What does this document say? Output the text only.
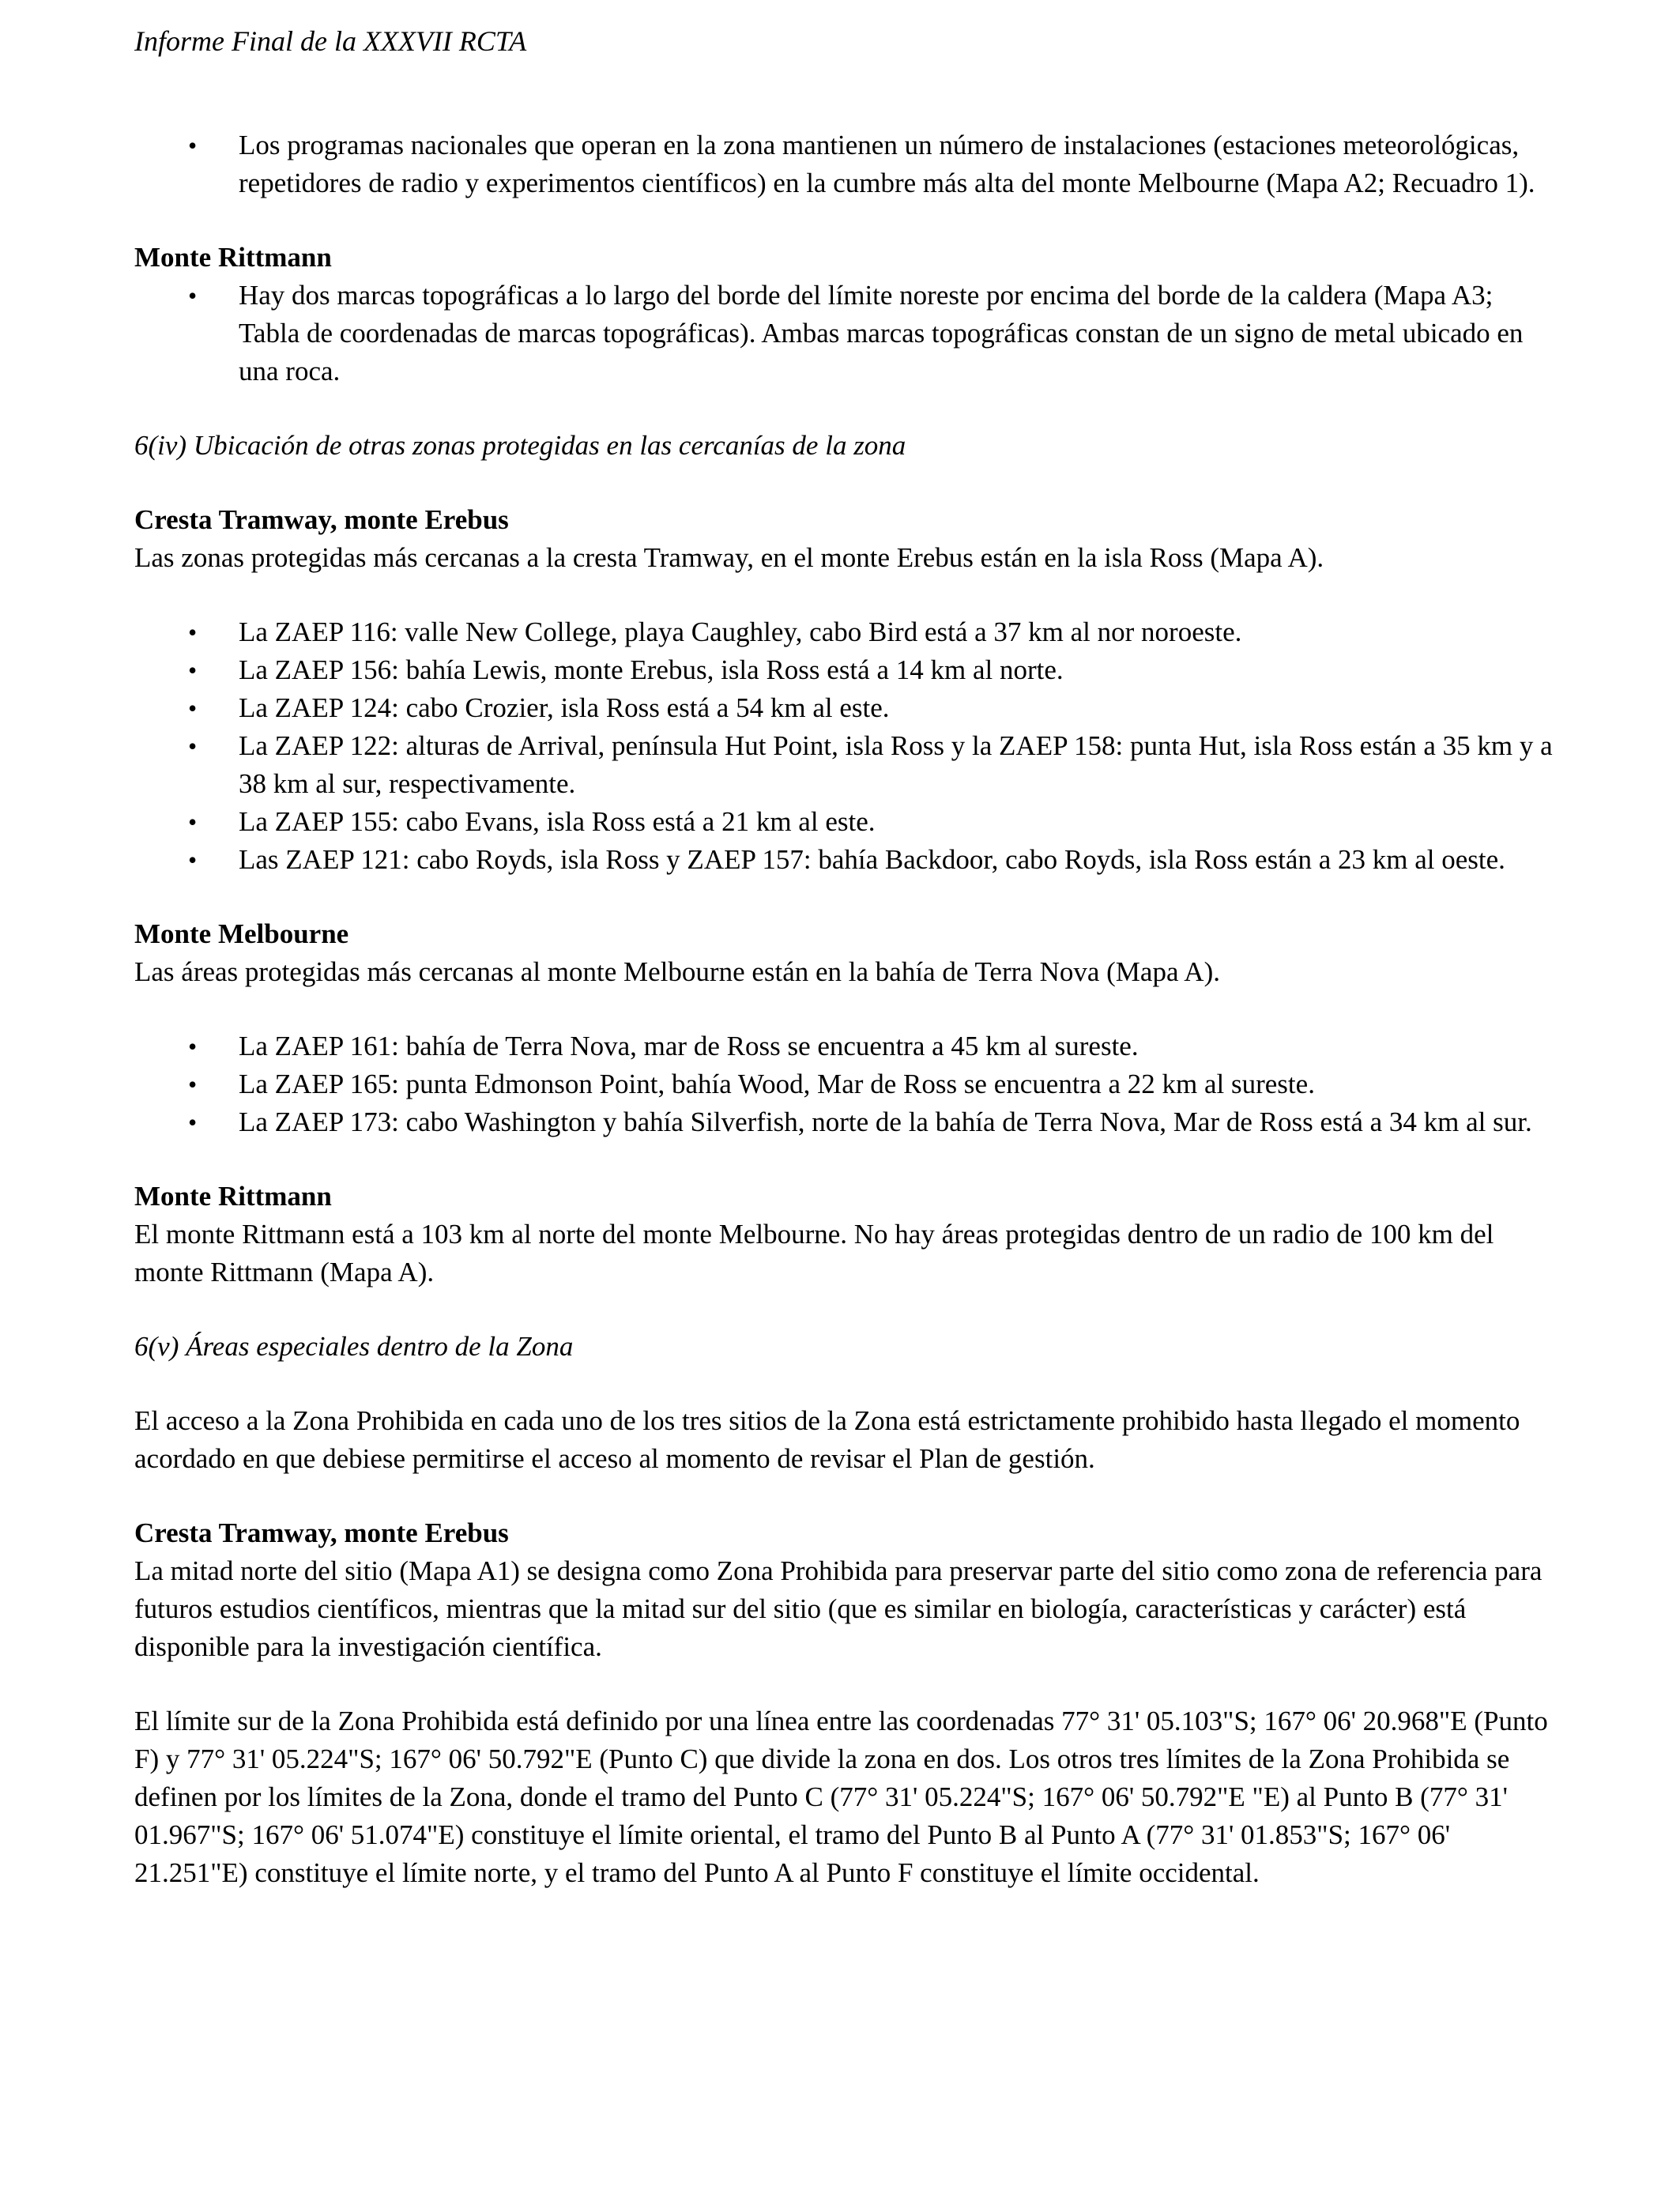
Informe Final de la XXXVII RCTA
• Los programas nacionales que operan en la zona mantienen un número de instalaciones (estaciones meteorológicas, repetidores de radio y experimentos científicos) en la cumbre más alta del monte Melbourne (Mapa A2; Recuadro 1).

Monte Rittmann

• Hay dos marcas topográficas a lo largo del borde del límite noreste por encima del borde de la caldera (Mapa A3; Tabla de coordenadas de marcas topográficas). Ambas marcas topográficas constan de un signo de metal ubicado en una roca.

6(iv) Ubicación de otras zonas protegidas en las cercanías de la zona

Cresta Tramway, monte Erebus

Las zonas protegidas más cercanas a la cresta Tramway, en el monte Erebus están en la isla Ross (Mapa A).

• La ZAEP 116: valle New College, playa Caughley, cabo Bird está a 37 km al nor noroeste.
• La ZAEP 156: bahía Lewis, monte Erebus, isla Ross está a 14 km al norte.
• La ZAEP 124: cabo Crozier, isla Ross está a 54 km al este.
• La ZAEP 122: alturas de Arrival, península Hut Point, isla Ross y la ZAEP 158: punta Hut, isla Ross están a 35 km y a 38 km al sur, respectivamente.
• La ZAEP 155: cabo Evans, isla Ross está a 21 km al este.
• Las ZAEP 121: cabo Royds, isla Ross y ZAEP 157: bahía Backdoor, cabo Royds, isla Ross están a 23 km al oeste.

Monte Melbourne

Las áreas protegidas más cercanas al monte Melbourne están en la bahía de Terra Nova (Mapa A).

• La ZAEP 161: bahía de Terra Nova, mar de Ross se encuentra a 45 km al sureste.
• La ZAEP 165: punta Edmonson Point, bahía Wood, Mar de Ross se encuentra a 22 km al sureste.
• La ZAEP 173: cabo Washington y bahía Silverfish, norte de la bahía de Terra Nova, Mar de Ross está a 34 km al sur.

Monte Rittmann

El monte Rittmann está a 103 km al norte del monte Melbourne. No hay áreas protegidas dentro de un radio de 100 km del monte Rittmann (Mapa A).

6(v) Áreas especiales dentro de la Zona

El acceso a la Zona Prohibida en cada uno de los tres sitios de la Zona está estrictamente prohibido hasta llegado el momento acordado en que debiese permitirse el acceso al momento de revisar el Plan de gestión.

Cresta Tramway, monte Erebus

La mitad norte del sitio (Mapa A1) se designa como Zona Prohibida para preservar parte del sitio como zona de referencia para futuros estudios científicos, mientras que la mitad sur del sitio (que es similar en biología, características y carácter) está disponible para la investigación científica.

El límite sur de la Zona Prohibida está definido por una línea entre las coordenadas 77° 31' 05.103"S; 167° 06' 20.968"E (Punto F) y 77° 31' 05.224"S; 167° 06' 50.792"E (Punto C) que divide la zona en dos. Los otros tres límites de la Zona Prohibida se definen por los límites de la Zona, donde el tramo del Punto C (77° 31' 05.224"S; 167° 06' 50.792"E "E) al Punto B (77° 31' 01.967"S; 167° 06' 51.074"E) constituye el límite oriental, el tramo del Punto B al Punto A (77° 31' 01.853"S; 167° 06' 21.251"E) constituye el límite norte, y el tramo del Punto A al Punto F constituye el límite occidental.
